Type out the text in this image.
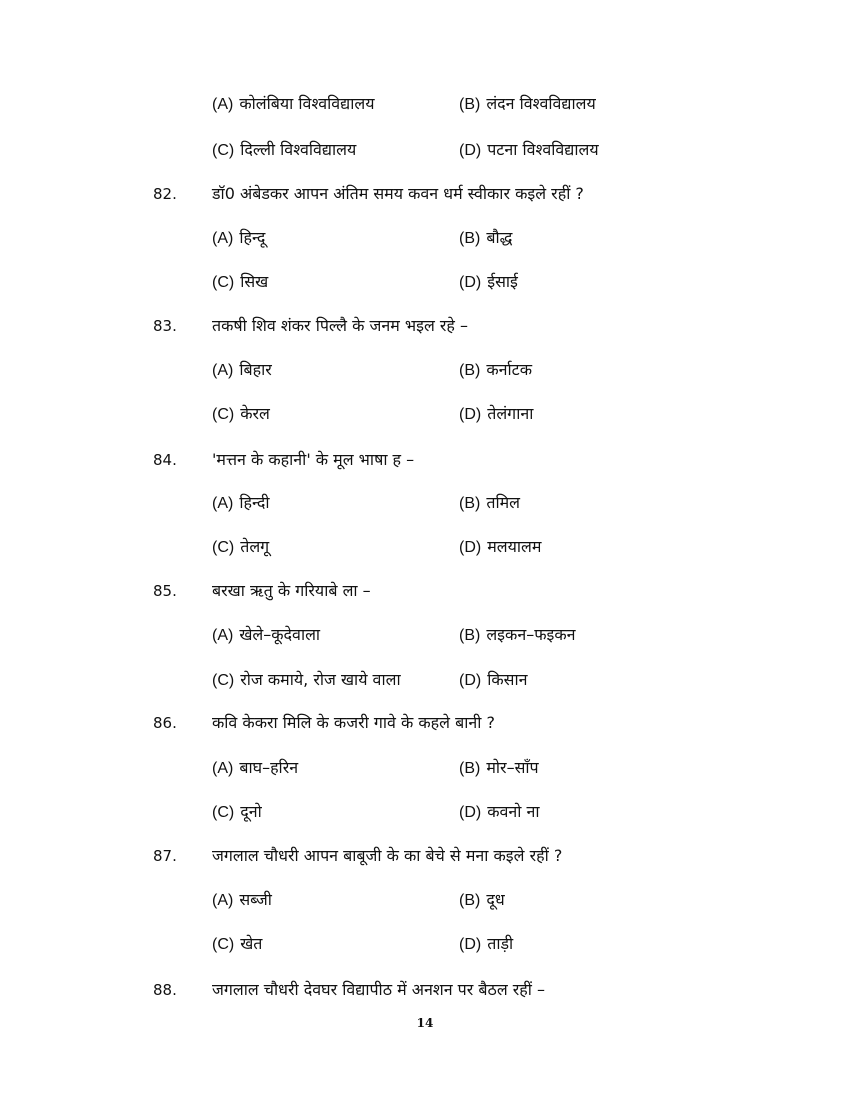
(A) कोलंबिया विश्वविद्यालय	(B) लंदन विश्वविद्यालय
(C) दिल्ली विश्वविद्यालय	(D) पटना विश्वविद्यालय
82. डॉ0 अंबेडकर आपन अंतिम समय कवन धर्म स्वीकार कइले रहीं ?
(A) हिन्दू	(B) बौद्ध
(C) सिख	(D) ईसाई
83. तकषी शिव शंकर पिल्लै के जनम भइल रहे –
(A) बिहार	(B) कर्नाटक
(C) केरल	(D) तेलंगाना
84. 'मत्तन के कहानी' के मूल भाषा ह –
(A) हिन्दी	(B) तमिल
(C) तेलगू	(D) मलयालम
85. बरखा ऋतु के गरियाबे ला –
(A) खेले–कूदेवाला	(B) लइकन–फइकन
(C) रोज कमाये, रोज खाये वाला	(D) किसान
86. कवि केकरा मिलि के कजरी गावे के कहले बानी ?
(A) बाघ–हरिन	(B) मोर–साँप
(C) दूनो	(D) कवनो ना
87. जगलाल चौधरी आपन बाबूजी के का बेचे से मना कइले रहीं ?
(A) सब्जी	(B) दूध
(C) खेत	(D) ताड़ी
88. जगलाल चौधरी देवघर विद्यापीठ में अनशन पर बैठल रहीं –
14
